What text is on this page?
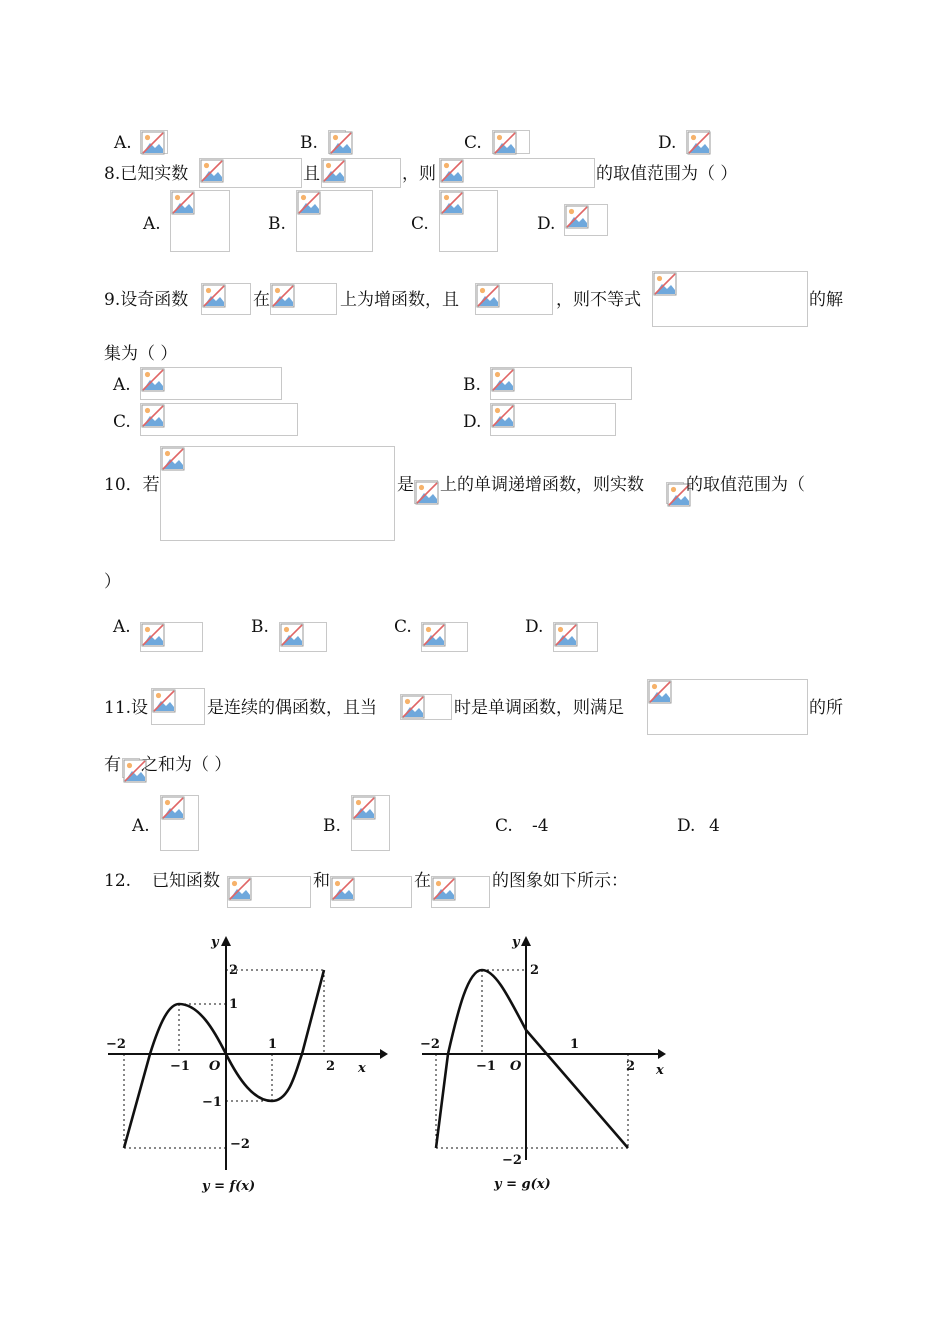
A.	B.	C.	D.
8.已知实数	且	，则	的取值范围为（ ）
A.	B.	C.	D.
9.设奇函数	在	上为增函数，且	，则不等式	的解
集为（ ）
A.	B.
C.	D.
10．若	是 上的单调递增函数，则实数 的取值范围为（
）
A.	B.	C.	D.
11.设	是连续的偶函数，且当	时是单调函数，则满足	的所
有 之和为（ ）
A.	B.	C. -4	D. 4
12. 已知函数	和	在	的图象如下所示：
−2
−1 O
1
2 x
y
2
1
−1
−2
y = f(x)
−2
−1 O
1
2 x
y
2
−2
y = g(x)
